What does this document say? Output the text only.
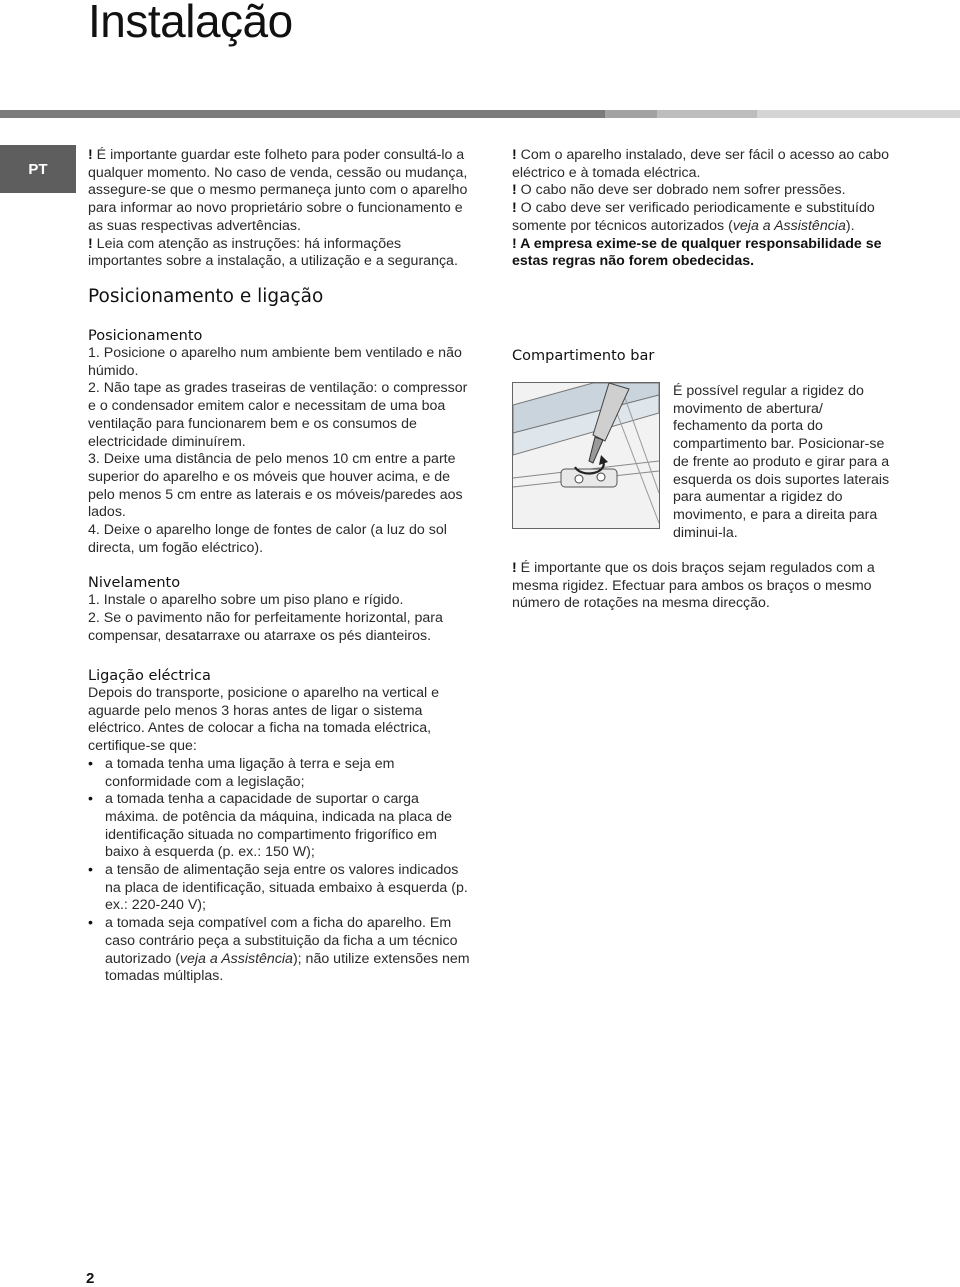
Instalação
PT

! É importante guardar este folheto para poder consultá-lo a qualquer momento. No caso de venda, cessão ou mudança, assegure-se que o mesmo permaneça junto com o aparelho para informar ao novo proprietário sobre o funcionamento e as suas respectivas advertências.

! Leia com atenção as instruções: há informações importantes sobre a instalação, a utilização e a segurança.

! Com o aparelho instalado, deve ser fácil o acesso ao cabo eléctrico e à tomada eléctrica.

! O cabo não deve ser dobrado nem sofrer pressões.

! O cabo deve ser verificado periodicamente e substituído somente por técnicos autorizados (veja a Assistência).

! A empresa exime-se de qualquer responsabilidade se estas regras não forem obedecidas.

Posicionamento e ligação
Posicionamento

1. Posicione o aparelho num ambiente bem ventilado e não húmido.

2. Não tape as grades traseiras de ventilação: o compressor e o condensador emitem calor e necessitam de uma boa ventilação para funcionarem bem e os consumos de electricidade diminuírem.

3. Deixe uma distância de pelo menos 10 cm entre a parte superior do aparelho e os móveis que houver acima, e de pelo menos 5 cm entre as laterais e os móveis/paredes aos lados.

4. Deixe o aparelho longe de fontes de calor (a luz do sol directa, um fogão eléctrico).

Nivelamento

1. Instale o aparelho sobre um piso plano e rígido.

2. Se o pavimento não for perfeitamente horizontal, para compensar, desatarraxe ou atarraxe os pés dianteiros.

Ligação eléctrica

Depois do transporte, posicione o aparelho na vertical e aguarde pelo menos 3 horas antes de ligar o sistema eléctrico. Antes de colocar a ficha na tomada eléctrica, certifique-se que:

• a tomada tenha uma ligação à terra e seja em conformidade com a legislação;
• a tomada tenha a capacidade de suportar o carga máxima. de potência da máquina, indicada na placa de identificação situada no compartimento frigorífico em baixo à esquerda (p. ex.: 150 W);
• a tensão de alimentação seja entre os valores indicados na placa de identificação, situada embaixo à esquerda (p. ex.: 220-240 V);
• a tomada seja compatível com a ficha do aparelho. Em caso contrário peça a substituição da ficha a um técnico autorizado (veja a Assistência); não utilize extensões nem tomadas múltiplas.
Compartimento bar

É possível regular a rigidez do movimento de abertura/ fechamento da porta do compartimento bar. Posicionar-se de frente ao produto e girar para a esquerda os dois suportes laterais para aumentar a rigidez do movimento, e para a direita para diminui-la.

! É importante que os dois braços sejam regulados com a mesma rigidez. Efectuar para ambos os braços o mesmo número de rotações na mesma direcção.

2
